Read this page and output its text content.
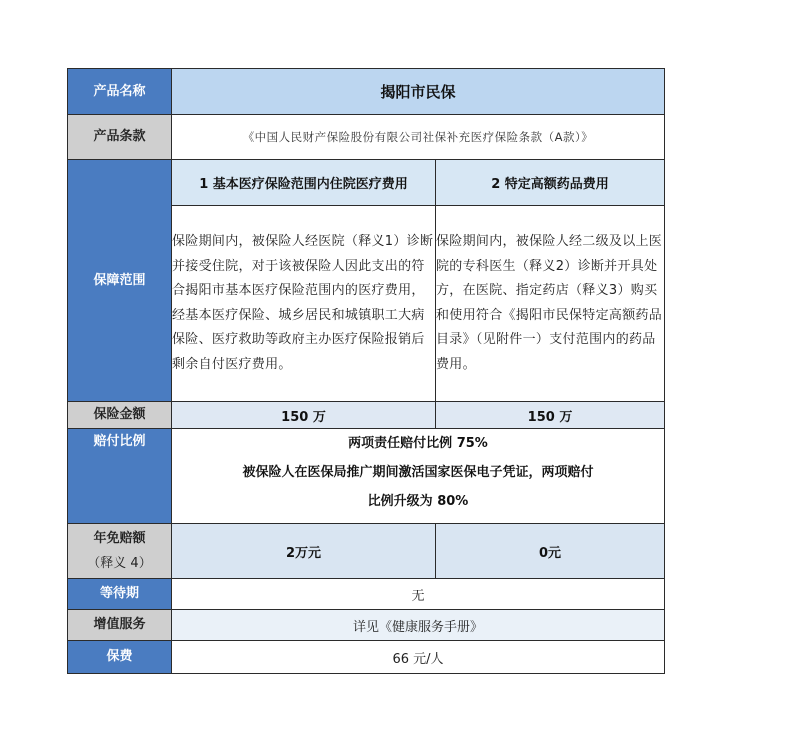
产品名称	揭阳市民保	
产品条款	《中国人民财产保险股份有限公司社保补充医疗保险条款（A款）》	
保障范围	1 基本医疗保险范围内住院医疗费用	2 特定高额药品费用
	保险期间内，被保险人经医院（释义1）诊断并接受住院，对于该被保险人因此支出的符合揭阳市基本医疗保险范围内的医疗费用，经基本医疗保险、城乡居民和城镇职工大病保险、医疗救助等政府主办医疗保险报销后剩余自付医疗费用。	保险期间内，被保险人经二级及以上医院的专科医生（释义2）诊断并开具处方，在医院、指定药店（释义3）购买和使用符合《揭阳市民保特定高额药品目录》（见附件一）支付范围内的药品费用。
保险金额	150 万	150 万
赔付比例	两项责任赔付比例 75%
被保险人在医保局推广期间激活国家医保电子凭证，两项赔付
比例升级为 80%	

年免赔额
（释义 4）	2万元	0元
等待期	无	
增值服务	详见《健康服务手册》	
保费	66 元/人	
